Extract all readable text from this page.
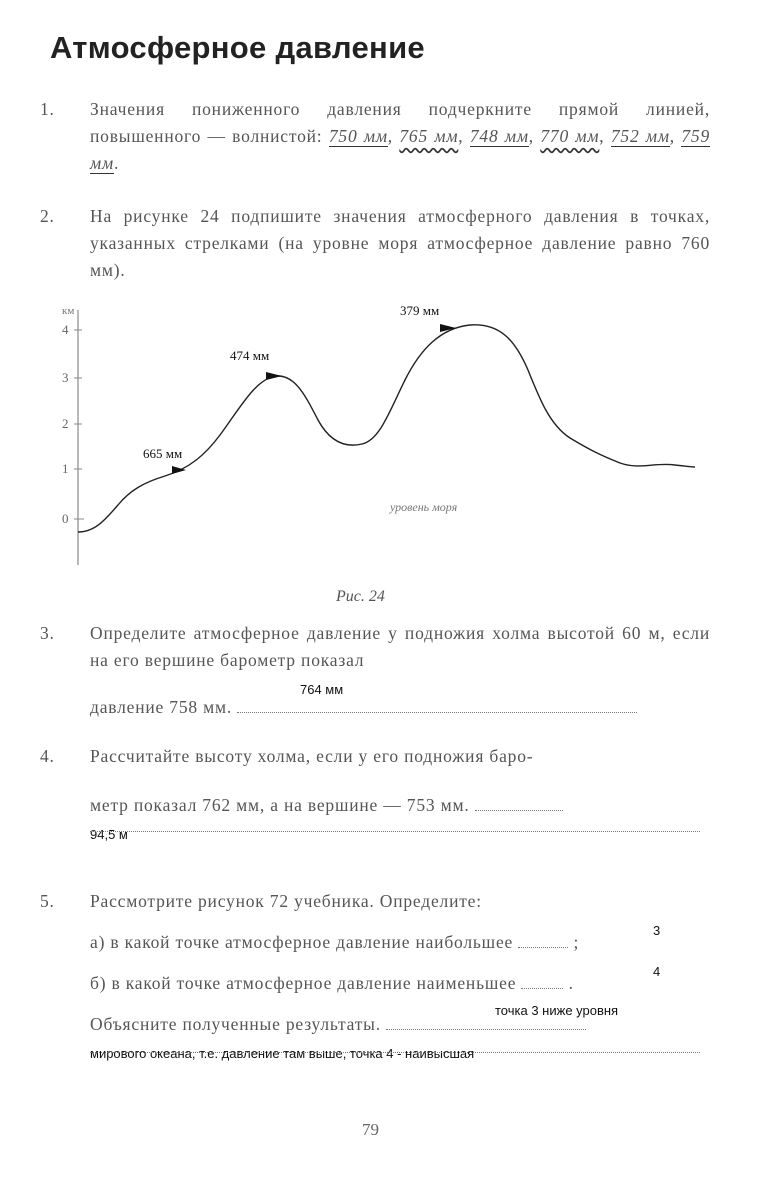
Атмосферное давление
1. Значения пониженного давления подчеркните прямой линией, повышенного — волнистой: 750 мм, 765 мм, 748 мм, 770 мм, 752 мм, 759 мм.
2. На рисунке 24 подпишите значения атмосферного давления в точках, указанных стрелками (на уровне моря атмосферное давление равно 760 мм).
км
0
1
2
3
4
665 мм
474 мм
379 мм
уровень моря
Рис. 24
3. Определите атмосферное давление у подножия холма высотой 60 м, если на его вершине барометр показал
давление 758 мм.
764 мм
4. Рассчитайте высоту холма, если у его подножия баро-
метр показал 762 мм, а на вершине — 753 мм.
94,5 м
5. Рассмотрите рисунок 72 учебника. Определите:
а) в какой точке атмосферное давление наибольшее	;
3
б) в какой точке атмосферное давление наименьшее	.
4
Объясните полученные результаты.
точка 3 ниже уровня
мирового океана, т.е. давление там выше, точка 4 - наивысшая
79
